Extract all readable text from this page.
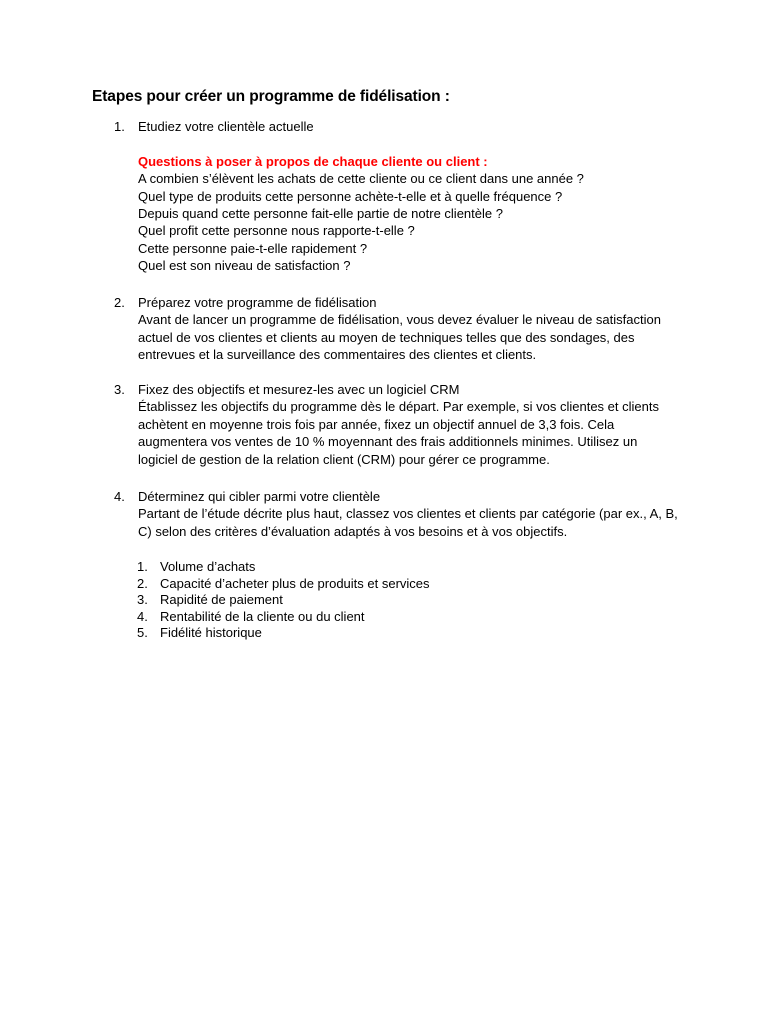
Etapes pour créer un programme de fidélisation :
1. Etudiez votre clientèle actuelle
Questions à poser à propos de chaque cliente ou client :
A combien s’élèvent les achats de cette cliente ou ce client dans une année ?
Quel type de produits cette personne achète-t-elle et à quelle fréquence ?
Depuis quand cette personne fait-elle partie de notre clientèle ?
Quel profit cette personne nous rapporte-t-elle ?
Cette personne paie-t-elle rapidement ?
Quel est son niveau de satisfaction ?
2. Préparez votre programme de fidélisation
Avant de lancer un programme de fidélisation, vous devez évaluer le niveau de satisfaction
actuel de vos clientes et clients au moyen de techniques telles que des sondages, des
entrevues et la surveillance des commentaires des clientes et clients.
3. Fixez des objectifs et mesurez-les avec un logiciel CRM
Établissez les objectifs du programme dès le départ. Par exemple, si vos clientes et clients
achètent en moyenne trois fois par année, fixez un objectif annuel de 3,3 fois. Cela
augmentera vos ventes de 10 % moyennant des frais additionnels minimes. Utilisez un
logiciel de gestion de la relation client (CRM) pour gérer ce programme.
4. Déterminez qui cibler parmi votre clientèle
Partant de l’étude décrite plus haut, classez vos clientes et clients par catégorie (par ex., A, B,
C) selon des critères d’évaluation adaptés à vos besoins et à vos objectifs.
1. Volume d’achats
2. Capacité d’acheter plus de produits et services
3. Rapidité de paiement
4. Rentabilité de la cliente ou du client
5. Fidélité historique
